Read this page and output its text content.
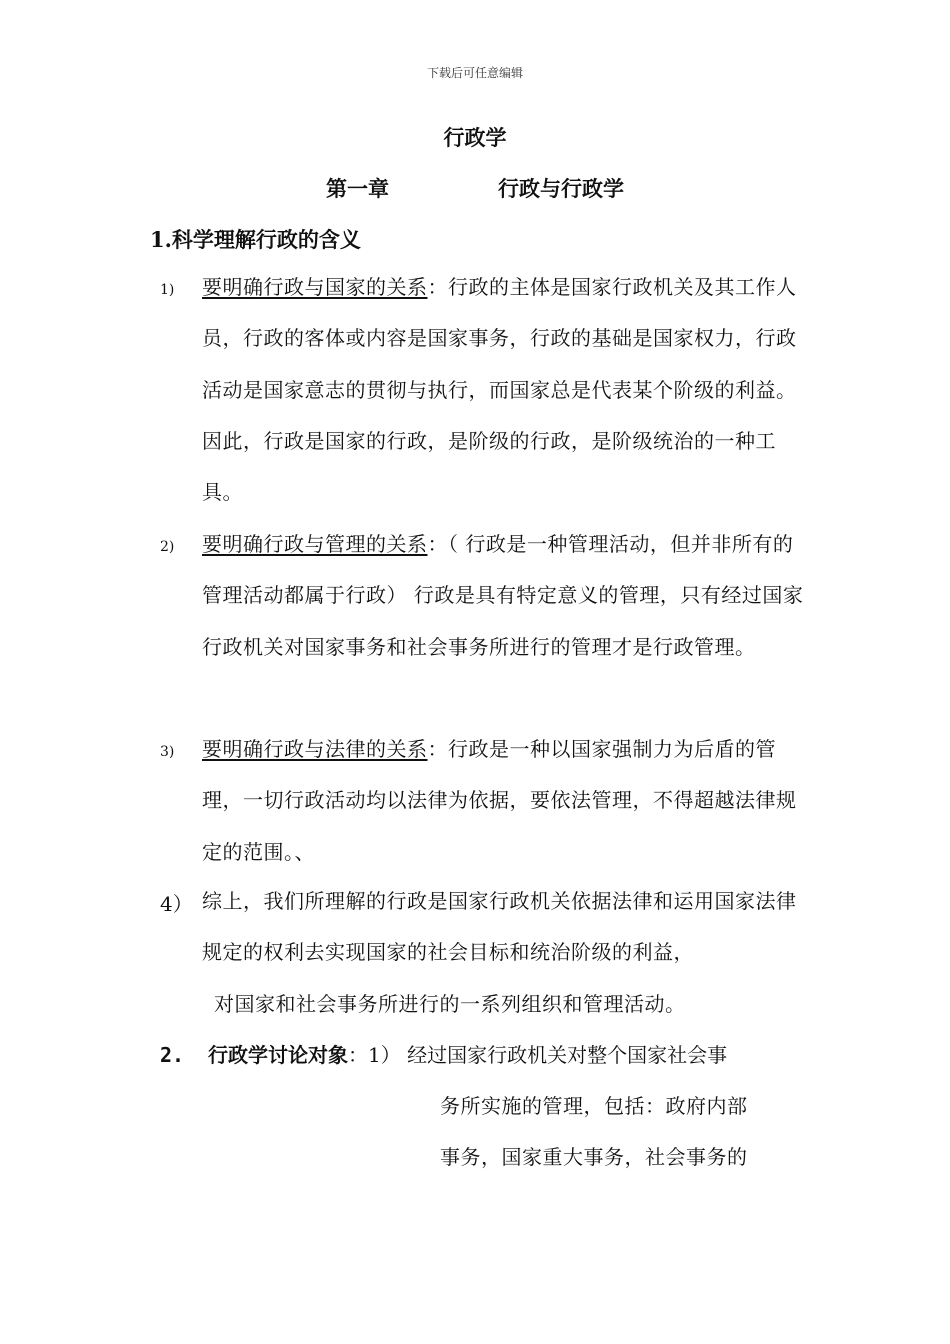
下载后可任意编辑
行政学
第一章	行政与行政学
1.科学理解行政的含义
1) 要明确行政与国家的关系：行政的主体是国家行政机关及其工作人员，行政的客体或内容是国家事务，行政的基础是国家权力，行政活动是国家意志的贯彻与执行，而国家总是代表某个阶级的利益。因此，行政是国家的行政，是阶级的行政，是阶级统治的一种工具。
2) 要明确行政与管理的关系：（ 行政是一种管理活动，但并非所有的管理活动都属于行政） 行政是具有特定意义的管理，只有经过国家行政机关对国家事务和社会事务所进行的管理才是行政管理。
3) 要明确行政与法律的关系：行政是一种以国家强制力为后盾的管理，一切行政活动均以法律为依据，要依法管理，不得超越法律规定的范围。、
4） 综上，我们所理解的行政是国家行政机关依据法律和运用国家法律规定的权利去实现国家的社会目标和统治阶级的利益，
对国家和社会事务所进行的一系列组织和管理活动。
2. 行政学讨论对象：1） 经过国家行政机关对整个国家社会事
务所实施的管理，包括：政府内部
事务，国家重大事务，社会事务的
